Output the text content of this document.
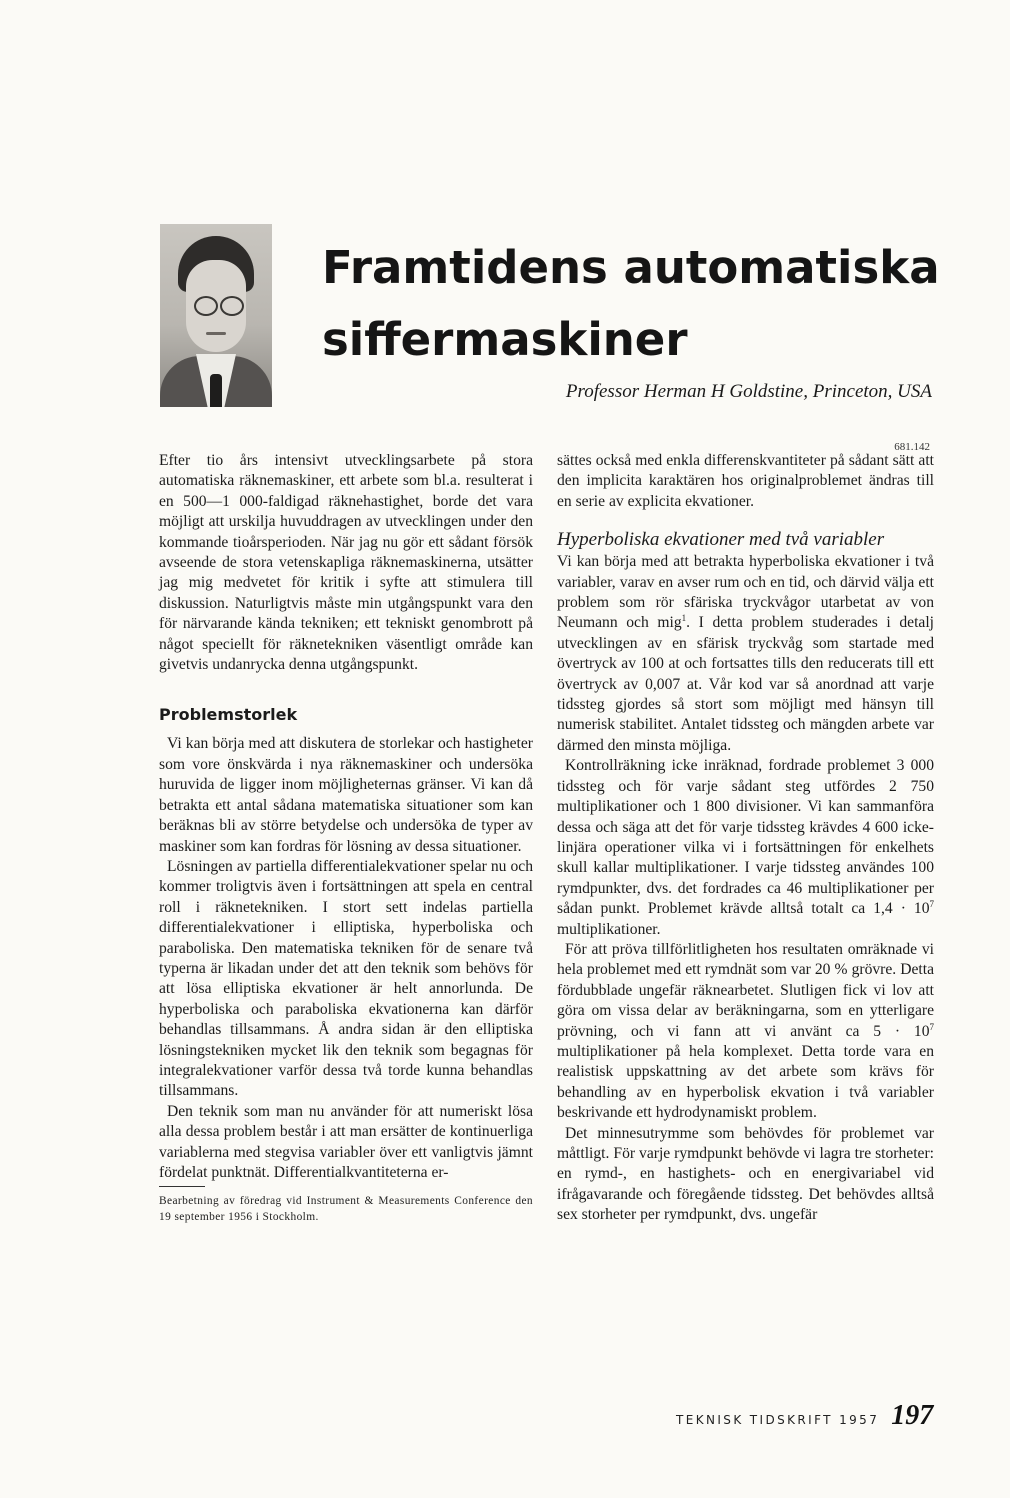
Framtidens automatiska
siffermaskiner
Professor Herman H Goldstine, Princeton, USA
681.142

Efter tio års intensivt utvecklingsarbete på stora automatiska räknemaskiner, ett arbete som bl.a. resulterat i en 500—1 000-faldigad räknehastighet, borde det vara möjligt att urskilja huvuddragen av utvecklingen under den kommande tioårsperioden. När jag nu gör ett sådant försök avseende de stora vetenskapliga räknemaskinerna, utsätter jag mig medvetet för kritik i syfte att stimulera till diskussion. Naturligtvis måste min utgångspunkt vara den för närvarande kända tekniken; ett tekniskt genombrott på något speciellt för räknetekniken väsentligt område kan givetvis undanrycka denna utgångspunkt.

Problemstorlek

Vi kan börja med att diskutera de storlekar och hastigheter som vore önskvärda i nya räknemaskiner och undersöka huruvida de ligger inom möjligheternas gränser. Vi kan då betrakta ett antal sådana matematiska situationer som kan beräknas bli av större betydelse och undersöka de typer av maskiner som kan fordras för lösning av dessa situationer.

Lösningen av partiella differentialekvationer spelar nu och kommer troligtvis även i fortsättningen att spela en central roll i räknetekniken. I stort sett indelas partiella differentialekvationer i elliptiska, hyperboliska och paraboliska. Den matematiska tekniken för de senare två typerna är likadan under det att den teknik som behövs för att lösa elliptiska ekvationer är helt annorlunda. De hyperboliska och paraboliska ekvationerna kan därför behandlas tillsammans. Å andra sidan är den elliptiska lösningstekniken mycket lik den teknik som begagnas för integralekvationer varför dessa två torde kunna behandlas tillsammans.

Den teknik som man nu använder för att numeriskt lösa alla dessa problem består i att man ersätter de kontinuerliga variablerna med stegvisa variabler över ett vanligtvis jämnt fördelat punktnät. Differentialkvantiteterna er-

Bearbetning av föredrag vid Instrument & Measurements Conference den 19 september 1956 i Stockholm.

sättes också med enkla differenskvantiteter på sådant sätt att den implicita karaktären hos originalproblemet ändras till en serie av explicita ekvationer.

Hyperboliska ekvationer med två variabler

Vi kan börja med att betrakta hyperboliska ekvationer i två variabler, varav en avser rum och en tid, och därvid välja ett problem som rör sfäriska tryckvågor utarbetat av von Neumann och mig$^1$. I detta problem studerades i detalj utvecklingen av en sfärisk tryckvåg som startade med övertryck av 100 at och fortsattes tills den reducerats till ett övertryck av 0,007 at. Vår kod var så anordnad att varje tidssteg gjordes så stort som möjligt med hänsyn till numerisk stabilitet. Antalet tidssteg och mängden arbete var därmed den minsta möjliga.

Kontrollräkning icke inräknad, fordrade problemet 3 000 tidssteg och för varje sådant steg utfördes 2 750 multiplikationer och 1 800 divisioner. Vi kan sammanföra dessa och säga att det för varje tidssteg krävdes 4 600 icke-linjära operationer vilka vi i fortsättningen för enkelhets skull kallar multiplikationer. I varje tidssteg användes 100 rymdpunkter, dvs. det fordrades ca 46 multiplikationer per sådan punkt. Problemet krävde alltså totalt ca $1,4 \cdot 10^7$ multiplikationer.

För att pröva tillförlitligheten hos resultaten omräknade vi hela problemet med ett rymdnät som var 20 % grövre. Detta fördubblade ungefär räknearbetet. Slutligen fick vi lov att göra om vissa delar av beräkningarna, som en ytterligare prövning, och vi fann att vi använt ca $5 \cdot 10^7$ multiplikationer på hela komplexet. Detta torde vara en realistisk uppskattning av det arbete som krävs för behandling av en hyperbolisk ekvation i två variabler beskrivande ett hydrodynamiskt problem.

Det minnesutrymme som behövdes för problemet var måttligt. För varje rymdpunkt behövde vi lagra tre storheter: en rymd-, en hastighets- och en energivariabel vid ifrågavarande och föregående tidssteg. Det behövdes alltså sex storheter per rymdpunkt, dvs. ungefär

TEKNISK TIDSKRIFT 1957 197
